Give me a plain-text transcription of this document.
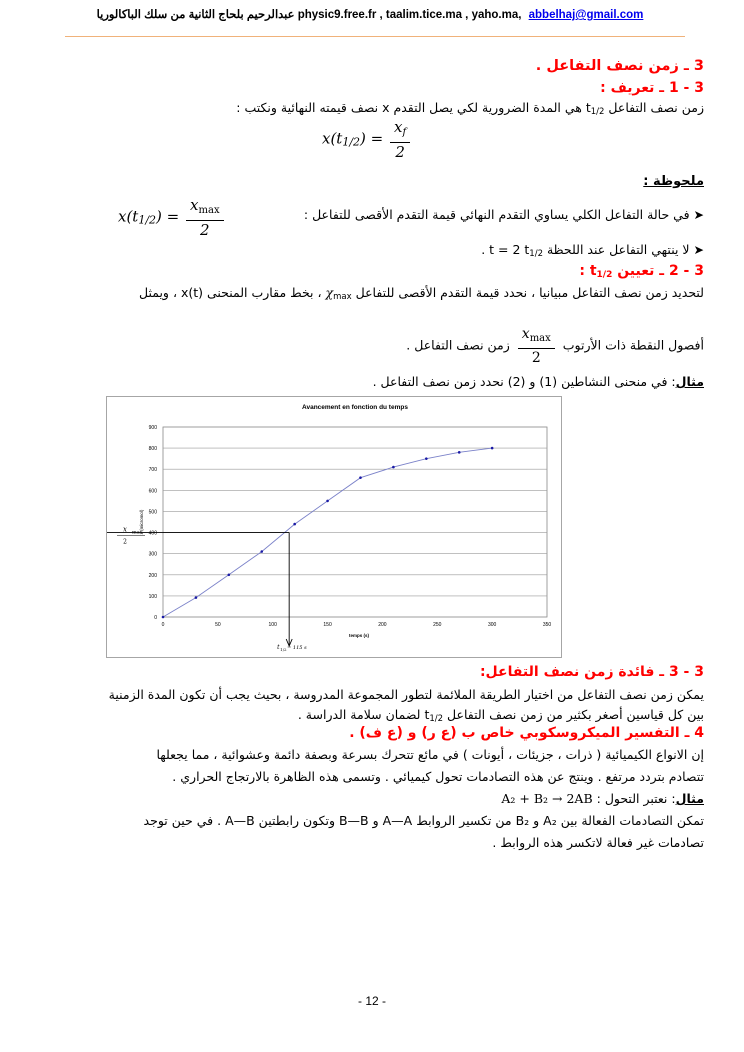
عبدالرحيم بلحاج الثانية من سلك الباكالوريا physic9.free.fr , taalim.tice.ma , yaho.ma, abbelhaj@gmail.com
3 ـ زمن نصف التفاعل .
3 - 1 ـ تعريف :
زمن نصف التفاعل $t_{1/2}$ هي المدة الضرورية لكي يصل التقدم x نصف قيمته النهائية ونكتب :
$x(t1/2) = \frac{x_f}{2}$
ملحوظة :
➤ في حالة التفاعل الكلي يساوي التقدم النهائي قيمة التقدم الأقصى للتفاعل :
$x(t1/2) = \frac{x_{max}}{2}$
➤ لا ينتهي التفاعل عند اللحظة t = 2 $t_{1/2}$ .
3 - 2 ـ تعيين $t_{1/2}$ :
لتحديد زمن نصف التفاعل مبيانيا ، نحدد قيمة التقدم الأقصى للتفاعل $\chi_{max}$ ، بخط مقارب المنحنى x(t) ، ويمثل
أفصول النقطة ذات الأرتوب
$\frac{x_{max}}{2}$
زمن نصف التفاعل .
مثال: في منحنى النشاطين (1) و (2) نحدد زمن نصف التفاعل .
Avancement en fonction du temps
0
100
200
300
400
500
600
700
800
900
0	50	100	150	200	250	300	350
x (micromol)
temps (s)
x max
2
t 1/2 = 115 s
3 - 3 ـ فائدة زمن نصف التفاعل:
يمكن زمن نصف التفاعل من اختيار الطريقة الملائمة لتطور المجموعة المدروسة ، بحيث يجب أن تكون المدة الزمنية
بين كل قياسين أصغر بكثير من زمن نصف التفاعل $t_{1/2}$ لضمان سلامة الدراسة .
4 ـ التفسير الميكروسكوبي خاص ب (ع ر) و (ع ف) .
إن الانواع الكيميائية ( ذرات ، جزيئات ، أيونات ) في مائع تتحرك بسرعة وبصفة دائمة وعشوائية ، مما يجعلها
تتصادم بتردد مرتفع . وينتج عن هذه التصادمات تحول كيميائي . وتسمى هذه الظاهرة بالارتجاج الحراري .
مثال: نعتبر التحول : A₂ + B₂ → 2AB
تمكن التصادمات الفعالة بين A₂ و B₂ من تكسير الروابط A—A و B—B وتكون رابطتين A—B . في حين توجد
تصادمات غير فعالة لاتكسر هذه الروابط .
- 12 -
